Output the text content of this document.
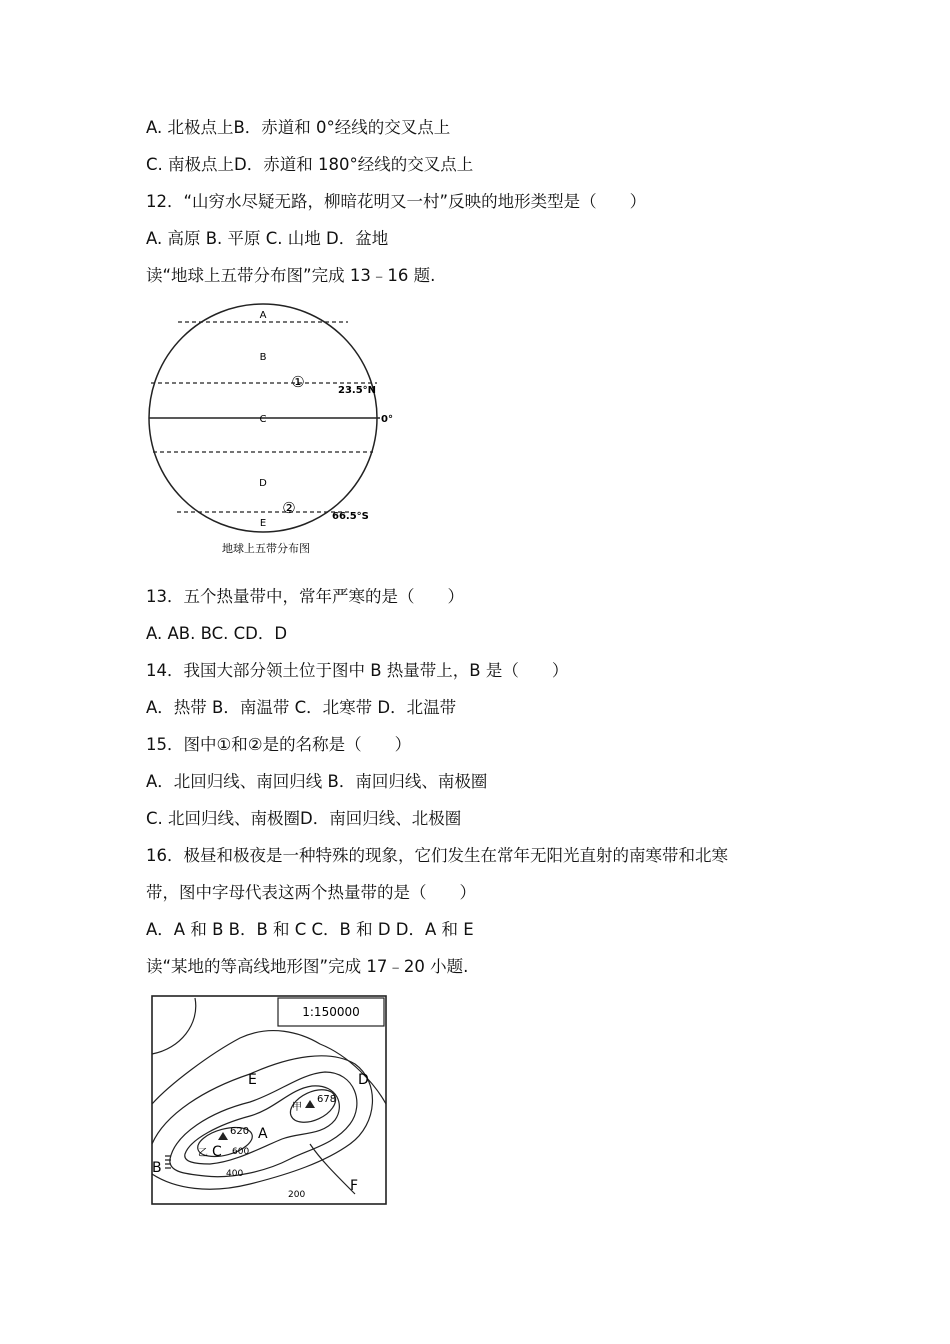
A. 北极点上B．赤道和 0°经线的交叉点上
C. 南极点上D．赤道和 180°经线的交叉点上
12．“山穷水尽疑无路，柳暗花明又一村”反映的地形类型是（　　）
A. 高原 B. 平原 C. 山地 D．盆地
读“地球上五带分布图”完成 13﹣16 题.
13．五个热量带中，常年严寒的是（　　）
A. AB. BC. CD．D
14．我国大部分领土位于图中 B 热量带上，B 是（　　）
A．热带 B．南温带 C．北寒带 D．北温带
15．图中①和②是的名称是（　　）
A．北回归线、南回归线 B．南回归线、南极圈
C. 北回归线、南极圈D．南回归线、北极圈
16．极昼和极夜是一种特殊的现象，它们发生在常年无阳光直射的南寒带和北寒
带，图中字母代表这两个热量带的是（　　）
A．A 和 B B．B 和 C C．B 和 D D．A 和 E
读“某地的等高线地形图”完成 17﹣20 小题.
A
B
C
D
E
①
②
23.5°N
0°
66.5°S
地球上五带分布图
1:150000
甲
678
620
600
400
200
D
E
A
B
C
乙
F
